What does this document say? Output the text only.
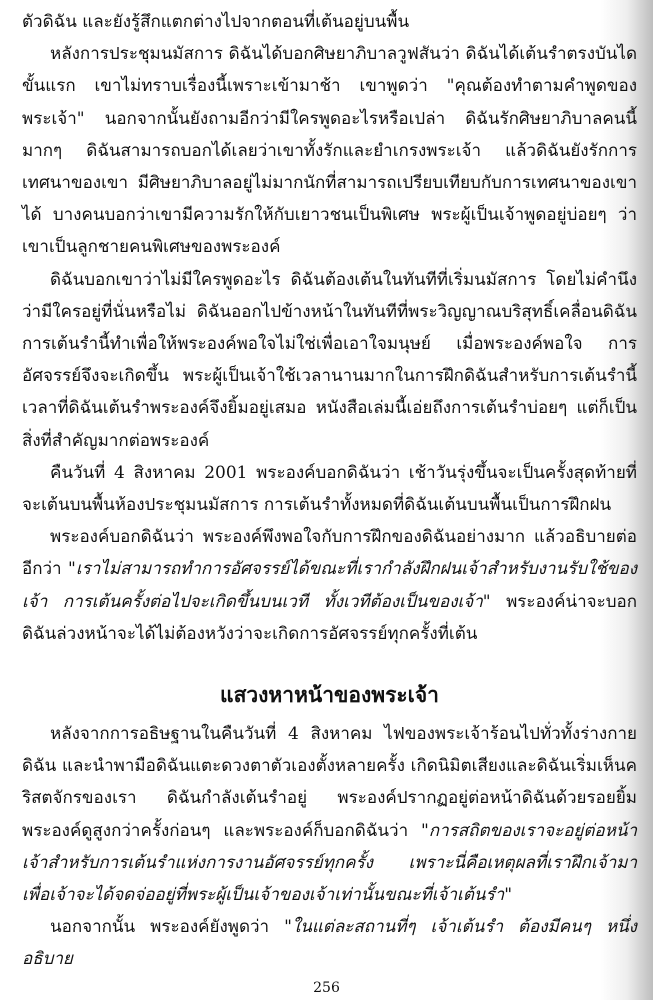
ตัวดิฉัน และยังรู้สึกแตกต่างไปจากตอนที่เต้นอยู่บนพื้น

หลังการประชุมนมัสการ ดิฉันได้บอกศิษยาภิบาลวูฟสันว่า ดิฉันได้เต้นรำตรงบันไดขั้นแรก เขาไม่ทราบเรื่องนี้เพราะเข้ามาช้า เขาพูดว่า "คุณต้องทำตามคำพูดของพระเจ้า" นอกจากนั้นยังถามอีกว่ามีใครพูดอะไรหรือเปล่า ดิฉันรักศิษยาภิบาลคนนี้มากๆ ดิฉันสามารถบอกได้เลยว่าเขาทั้งรักและยำเกรงพระเจ้า แล้วดิฉันยังรักการเทศนาของเขา มีศิษยาภิบาลอยู่ไม่มากนักที่สามารถเปรียบเทียบกับการเทศนาของเขาได้ บางคนบอกว่าเขามีความรักให้กับเยาวชนเป็นพิเศษ พระผู้เป็นเจ้าพูดอยู่บ่อยๆ ว่าเขาเป็นลูกชายคนพิเศษของพระองค์

ดิฉันบอกเขาว่าไม่มีใครพูดอะไร ดิฉันต้องเต้นในทันทีที่เริ่มนมัสการ โดยไม่คำนึงว่ามีใครอยู่ที่นั่นหรือไม่ ดิฉันออกไปข้างหน้าในทันทีที่พระวิญญาณบริสุทธิ์เคลื่อนดิฉัน การเต้นรำนี้ทำเพื่อให้พระองค์พอใจไม่ใช่เพื่อเอาใจมนุษย์ เมื่อพระองค์พอใจ การอัศจรรย์จึงจะเกิดขึ้น พระผู้เป็นเจ้าใช้เวลานานมากในการฝึกดิฉันสำหรับการเต้นรำนี้ เวลาที่ดิฉันเต้นรำพระองค์จึงยิ้มอยู่เสมอ หนังสือเล่มนี้เอ่ยถึงการเต้นรำบ่อยๆ แต่ก็เป็นสิ่งที่สำคัญมากต่อพระองค์

คืนวันที่ 4 สิงหาคม 2001 พระองค์บอกดิฉันว่า เช้าวันรุ่งขึ้นจะเป็นครั้งสุดท้ายที่จะเต้นบนพื้นห้องประชุมนมัสการ การเต้นรำทั้งหมดที่ดิฉันเต้นบนพื้นเป็นการฝึกฝน

พระองค์บอกดิฉันว่า พระองค์พึงพอใจกับการฝึกของดิฉันอย่างมาก แล้วอธิบายต่ออีกว่า "เราไม่สามารถทำการอัศจรรย์ได้ขณะที่เรากำลังฝึกฝนเจ้าสำหรับงานรับใช้ของเจ้า การเต้นครั้งต่อไปจะเกิดขึ้นบนเวที ทั้งเวทีต้องเป็นของเจ้า" พระองค์น่าจะบอกดิฉันล่วงหน้าจะได้ไม่ต้องหวังว่าจะเกิดการอัศจรรย์ทุกครั้งที่เต้น

แสวงหาหน้าของพระเจ้า

หลังจากการอธิษฐานในคืนวันที่ 4 สิงหาคม ไฟของพระเจ้าร้อนไปทั่วทั้งร่างกายดิฉัน และนำพามือดิฉันแตะดวงตาตัวเองตั้งหลายครั้ง เกิดนิมิตเสียงและดิฉันเริ่มเห็นคริสตจักรของเรา ดิฉันกำลังเต้นรำอยู่ พระองค์ปรากฏอยู่ต่อหน้าดิฉันด้วยรอยยิ้ม พระองค์ดูสูงกว่าครั้งก่อนๆ และพระองค์ก็บอกดิฉันว่า "การสถิตของเราจะอยู่ต่อหน้าเจ้าสำหรับการเต้นรำแห่งการงานอัศจรรย์ทุกครั้ง เพราะนี่คือเหตุผลที่เราฝึกเจ้ามา เพื่อเจ้าจะได้จดจ่ออยู่ที่พระผู้เป็นเจ้าของเจ้าเท่านั้นขณะที่เจ้าเต้นรำ"

นอกจากนั้น พระองค์ยังพูดว่า "ในแต่ละสถานที่ๆ เจ้าเต้นรำ ต้องมีคนๆ หนึ่งอธิบาย

256
